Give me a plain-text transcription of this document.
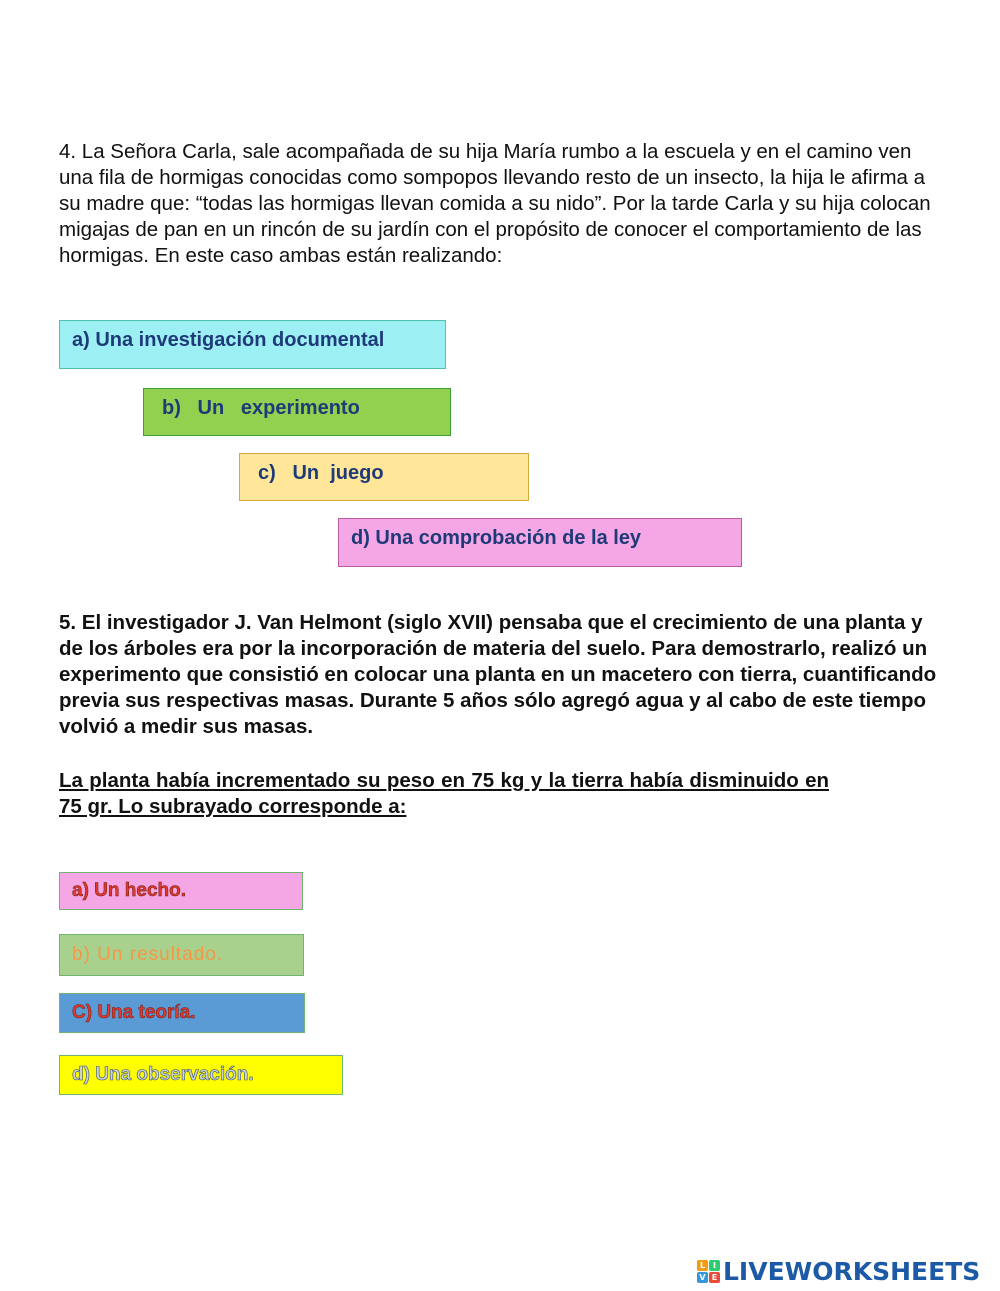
4. La Señora Carla, sale acompañada de su hija María rumbo a la escuela y en el camino ven una fila de hormigas conocidas como sompopos llevando resto de un insecto, la hija le afirma a su madre que: “todas las hormigas llevan comida a su nido”. Por la tarde Carla y su hija colocan migajas de pan en un rincón de su jardín con el propósito de conocer el comportamiento de las hormigas. En este caso ambas están realizando:

a) Una investigación documental
b)   Un   experimento
c)   Un  juego
d) Una comprobación de la ley

5. El investigador J. Van Helmont (siglo XVII) pensaba que el crecimiento de una planta y de los árboles era por la incorporación de materia del suelo. Para demostrarlo, realizó un experimento que consistió en colocar una planta en un macetero con tierra, cuantificando previa sus respectivas masas. Durante 5 años sólo agregó agua y al cabo de este tiempo volvió a medir sus masas.

La planta había incrementado su peso en 75 kg y la tierra había disminuido en 75 gr. Lo subrayado corresponde a:

a) Un hecho.
b) Un resultado.
C) Una teoría.
d) Una observación.
L I
V E LIVEWORKSHEETS
